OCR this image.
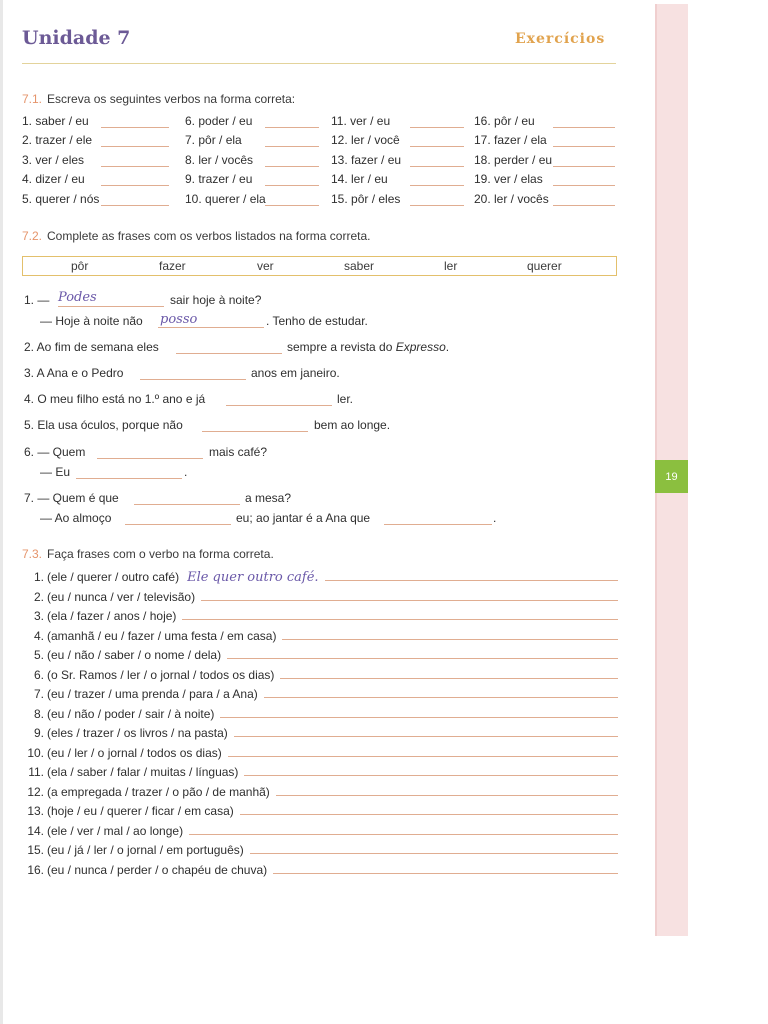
19
Unidade 7	Exercícios
7.1. Escreva os seguintes verbos na forma correta:
1. saber / eu
2. trazer / ele
3. ver / eles
4. dizer / eu
5. querer / nós
6. poder / eu
7. pôr / ela
8. ler / vocês
9. trazer / eu
10. querer / ela
11. ver / eu
12. ler / você
13. fazer / eu
14. ler / eu
15. pôr / eles
16. pôr / eu
17. fazer / ela
18. perder / eu
19. ver / elas
20. ler / vocês
7.2. Complete as frases com os verbos listados na forma correta.
pôr	fazer	ver	saber	ler	querer
1. — Podes	sair hoje à noite?
— Hoje à noite não posso	. Tenho de estudar.
2. Ao fim de semana eles	sempre a revista do Expresso.
3. A Ana e o Pedro	anos em janeiro.
4. O meu filho está no 1.º ano e já	ler.
5. Ela usa óculos, porque não	bem ao longe.
6. — Quem	mais café?
— Eu	.
7. — Quem é que	a mesa?
— Ao almoço	eu; ao jantar é a Ana que	.
7.3. Faça frases com o verbo na forma correta.
1. (ele / querer / outro café) Ele quer outro café.
2. (eu / nunca / ver / televisão)
3. (ela / fazer / anos / hoje)
4. (amanhã / eu / fazer / uma festa / em casa)
5. (eu / não / saber / o nome / dela)
6. (o Sr. Ramos / ler / o jornal / todos os dias)
7. (eu / trazer / uma prenda / para / a Ana)
8. (eu / não / poder / sair / à noite)
9. (eles / trazer / os livros / na pasta)
10. (eu / ler / o jornal / todos os dias)
11. (ela / saber / falar / muitas / línguas)
12. (a empregada / trazer / o pão / de manhã)
13. (hoje / eu / querer / ficar / em casa)
14. (ele / ver / mal / ao longe)
15. (eu / já / ler / o jornal / em português)
16. (eu / nunca / perder / o chapéu de chuva)
